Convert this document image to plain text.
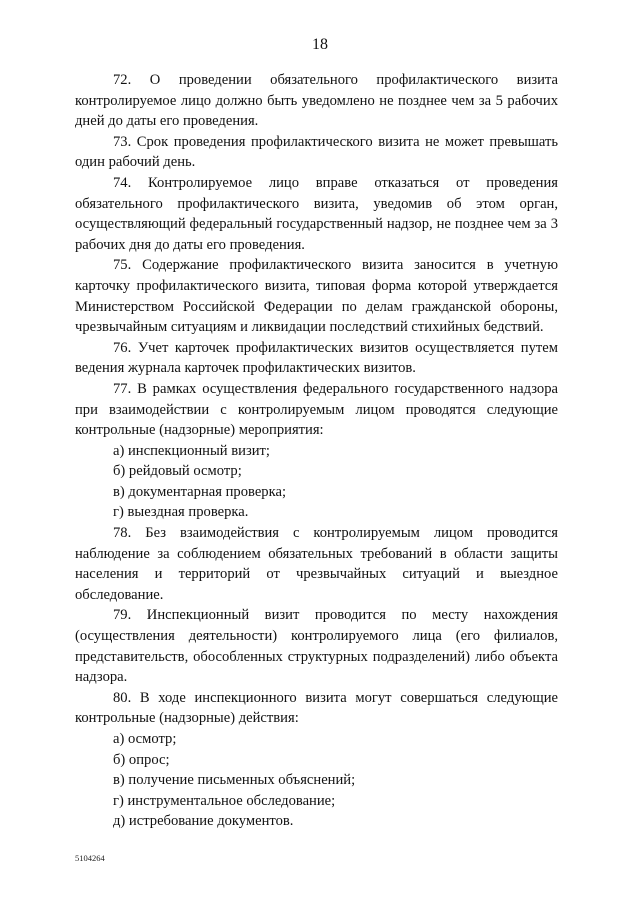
18

72. О проведении обязательного профилактического визита контролируемое лицо должно быть уведомлено не позднее чем за 5 рабочих дней до даты его проведения.

73. Срок проведения профилактического визита не может превышать один рабочий день.

74. Контролируемое лицо вправе отказаться от проведения обязательного профилактического визита, уведомив об этом орган, осуществляющий федеральный государственный надзор, не позднее чем за 3 рабочих дня до даты его проведения.

75. Содержание профилактического визита заносится в учетную карточку профилактического визита, типовая форма которой утверждается Министерством Российской Федерации по делам гражданской обороны, чрезвычайным ситуациям и ликвидации последствий стихийных бедствий.

76. Учет карточек профилактических визитов осуществляется путем ведения журнала карточек профилактических визитов.

77. В рамках осуществления федерального государственного надзора при взаимодействии с контролируемым лицом проводятся следующие контрольные (надзорные) мероприятия:

а) инспекционный визит;

б) рейдовый осмотр;

в) документарная проверка;

г) выездная проверка.

78. Без взаимодействия с контролируемым лицом проводится наблюдение за соблюдением обязательных требований в области защиты населения и территорий от чрезвычайных ситуаций и выездное обследование.

79. Инспекционный визит проводится по месту нахождения (осуществления деятельности) контролируемого лица (его филиалов, представительств, обособленных структурных подразделений) либо объекта надзора.

80. В ходе инспекционного визита могут совершаться следующие контрольные (надзорные) действия:

а) осмотр;

б) опрос;

в) получение письменных объяснений;

г) инструментальное обследование;

д) истребование документов.

5104264
